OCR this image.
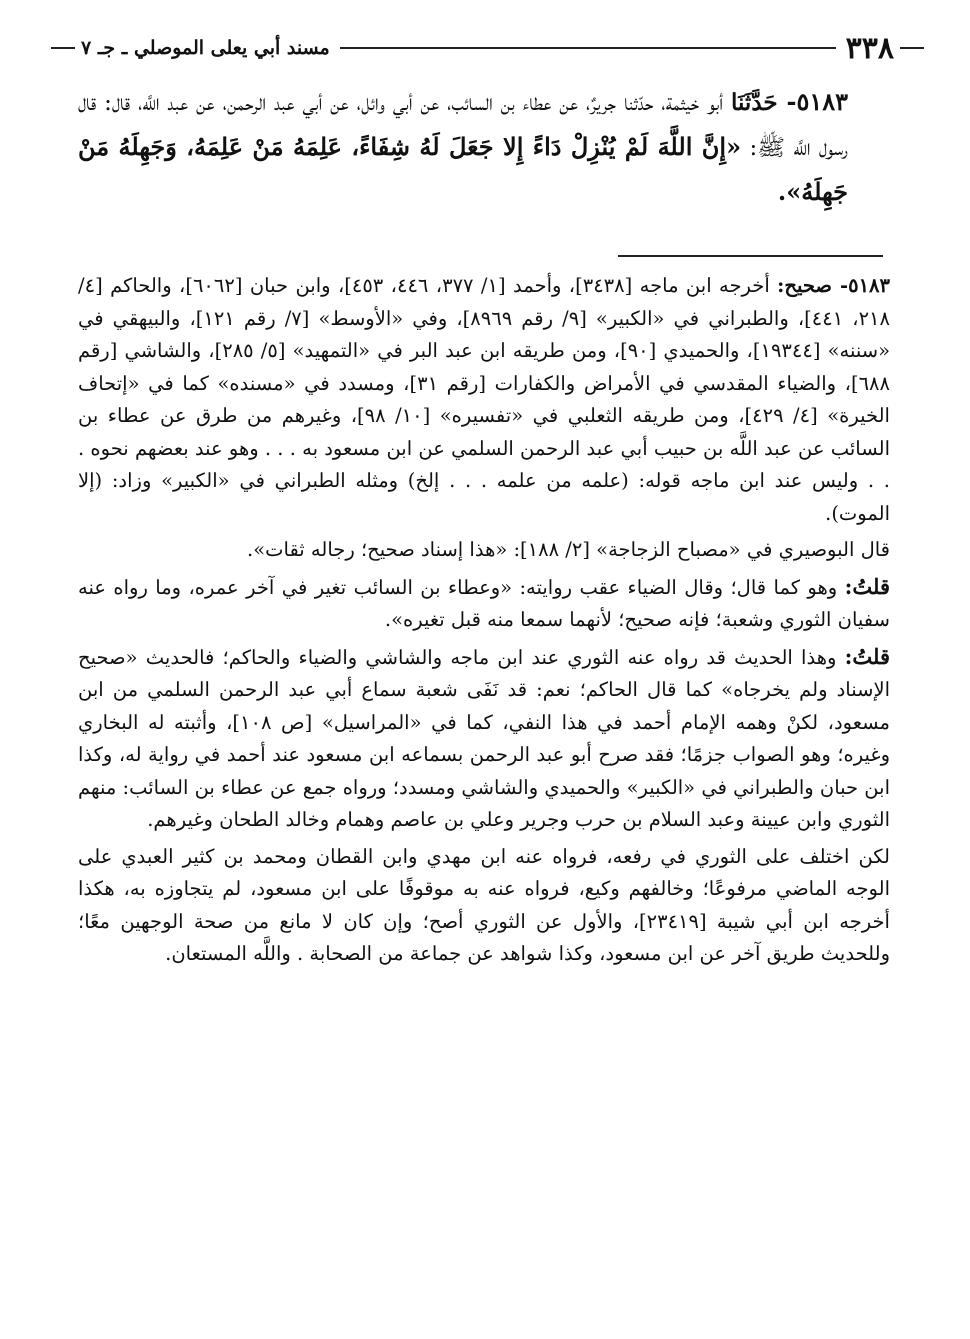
٣٣٨
مسند أبي يعلى الموصلي ـ جـ ٧
٥١٨٣- حَدَّثَنَا أبو خيثمة، حدّثنا جريرٌ، عن عطاء بن السائب، عن أبي وائل، عن أبي عبد الرحمن، عن عبد اللَّه، قال: قال رسول اللَّه ﷺ: «إِنَّ اللَّهَ لَمْ يُنْزِلْ دَاءً إِلا جَعَلَ لَهُ شِفَاءً، عَلِمَهُ مَنْ عَلِمَهُ، وَجَهِلَهُ مَنْ جَهِلَهُ».

٥١٨٣- صحيح: أخرجه ابن ماجه [٣٤٣٨]، وأحمد [١/ ٣٧٧، ٤٤٦، ٤٥٣]، وابن حبان [٦٠٦٢]، والحاكم [٤/ ٢١٨، ٤٤١]، والطبراني في «الكبير» [٩/ رقم ٨٩٦٩]، وفي «الأوسط» [٧/ رقم ١٢١]، والبيهقي في «سننه» [١٩٣٤٤]، والحميدي [٩٠]، ومن طريقه ابن عبد البر في «التمهيد» [٥/ ٢٨٥]، والشاشي [رقم ٦٨٨]، والضياء المقدسي في الأمراض والكفارات [رقم ٣١]، ومسدد في «مسنده» كما في «إتحاف الخيرة» [٤/ ٤٢٩]، ومن طريقه الثعلبي في «تفسيره» [١٠/ ٩٨]، وغيرهم من طرق عن عطاء بن السائب عن عبد اللَّه بن حبيب أبي عبد الرحمن السلمي عن ابن مسعود به . . . وهو عند بعضهم نحوه . . . وليس عند ابن ماجه قوله: (علمه من علمه . . . إلخ) ومثله الطبراني في «الكبير» وزاد: (إلا الموت).

قال البوصيري في «مصباح الزجاجة» [٢/ ١٨٨]: «هذا إسناد صحيح؛ رجاله ثقات».

قلتُ: وهو كما قال؛ وقال الضياء عقب روايته: «وعطاء بن السائب تغير في آخر عمره، وما رواه عنه سفيان الثوري وشعبة؛ فإنه صحيح؛ لأنهما سمعا منه قبل تغيره».

قلتُ: وهذا الحديث قد رواه عنه الثوري عند ابن ماجه والشاشي والضياء والحاكم؛ فالحديث «صحيح الإسناد ولم يخرجاه» كما قال الحاكم؛ نعم: قد نَفَى شعبة سماع أبي عبد الرحمن السلمي من ابن مسعود، لكنْ وهمه الإمام أحمد في هذا النفي، كما في «المراسيل» [ص ١٠٨]، وأثبته له البخاري وغيره؛ وهو الصواب جزمًا؛ فقد صرح أبو عبد الرحمن بسماعه ابن مسعود عند أحمد في رواية له، وكذا ابن حبان والطبراني في «الكبير» والحميدي والشاشي ومسدد؛ ورواه جمع عن عطاء بن السائب: منهم الثوري وابن عيينة وعبد السلام بن حرب وجرير وعلي بن عاصم وهمام وخالد الطحان وغيرهم.

لكن اختلف على الثوري في رفعه، فرواه عنه ابن مهدي وابن القطان ومحمد بن كثير العبدي على الوجه الماضي مرفوعًا؛ وخالفهم وكيع، فرواه عنه به موقوفًا على ابن مسعود، لم يتجاوزه به، هكذا أخرجه ابن أبي شيبة [٢٣٤١٩]، والأول عن الثوري أصح؛ وإن كان لا مانع من صحة الوجهين معًا؛ وللحديث طريق آخر عن ابن مسعود، وكذا شواهد عن جماعة من الصحابة . واللَّه المستعان.
